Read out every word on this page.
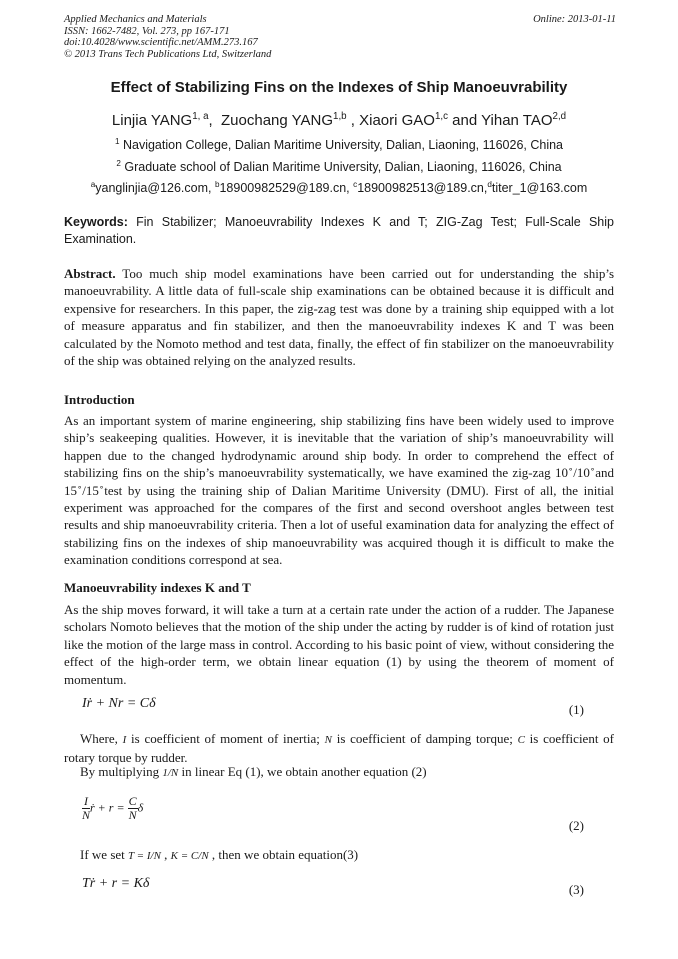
Applied Mechanics and Materials
ISSN: 1662-7482, Vol. 273, pp 167-171
doi:10.4028/www.scientific.net/AMM.273.167
© 2013 Trans Tech Publications Ltd, Switzerland
Online: 2013-01-11
Effect of Stabilizing Fins on the Indexes of Ship Manoeuvrability
Linjia YANG$^{1, a}$,  Zuochang YANG$^{1,b}$ , Xiaori GAO$^{1,c}$ and Yihan TAO$^{2,d}$
$^1$ Navigation College, Dalian Maritime University, Dalian, Liaoning, 116026, China
$^2$ Graduate school of Dalian Maritime University, Dalian, Liaoning, 116026, China
$^a$yanglinjia@126.com, $^b$18900982529@189.cn, $^c$18900982513@189.cn,$^d$titer_1@163.com
Keywords: Fin Stabilizer; Manoeuvrability Indexes K and T; ZIG-Zag Test; Full-Scale Ship Examination.
Abstract. Too much ship model examinations have been carried out for understanding the ship’s manoeuvrability. A little data of full-scale ship examinations can be obtained because it is difficult and expensive for researchers. In this paper, the zig-zag test was done by a training ship equipped with a lot of measure apparatus and fin stabilizer, and then the manoeuvrability indexes K and T was been calculated by the Nomoto method and test data, finally, the effect of fin stabilizer on the manoeuvrability of the ship was obtained relying on the analyzed results.
Introduction
As an important system of marine engineering, ship stabilizing fins have been widely used to improve ship’s seakeeping qualities. However, it is inevitable that the variation of ship’s manoeuvrability will happen due to the changed hydrodynamic around ship body. In order to comprehend the effect of stabilizing fins on the ship’s manoeuvrability systematically, we have examined the zig-zag 10∘/10∘and 15∘/15∘test by using the training ship of Dalian Maritime University (DMU). First of all, the initial experiment was approached for the compares of the first and second overshoot angles between test results and ship manoeuvrability criteria. Then a lot of useful examination data for analyzing the effect of stabilizing fins on the indexes of ship manoeuvrability was acquired though it is difficult to make the examination conditions correspond at sea.
Manoeuvrability indexes K and T
As the ship moves forward, it will take a turn at a certain rate under the action of a rudder. The Japanese scholars Nomoto believes that the motion of the ship under the acting by rudder is of kind of rotation just like the motion of the large mass in control. According to his basic point of view, without considering the effect of the high-order term, we obtain linear equation (1) by using the theorem of moment of momentum.
Iṙ + Nr = Cδ	(1)
Where, I is coefficient of moment of inertia; N is coefficient of damping torque; C is coefficient of rotary torque by rudder.
By multiplying 1/N in linear Eq (1), we obtain another equation (2)
$\frac{I}{N}$ ṙ + $r = \frac{C}{N}$ δ
(2)
If we set T = I/N , K = C/N , then we obtain equation(3)
Tṙ + r = Kδ	(3)
